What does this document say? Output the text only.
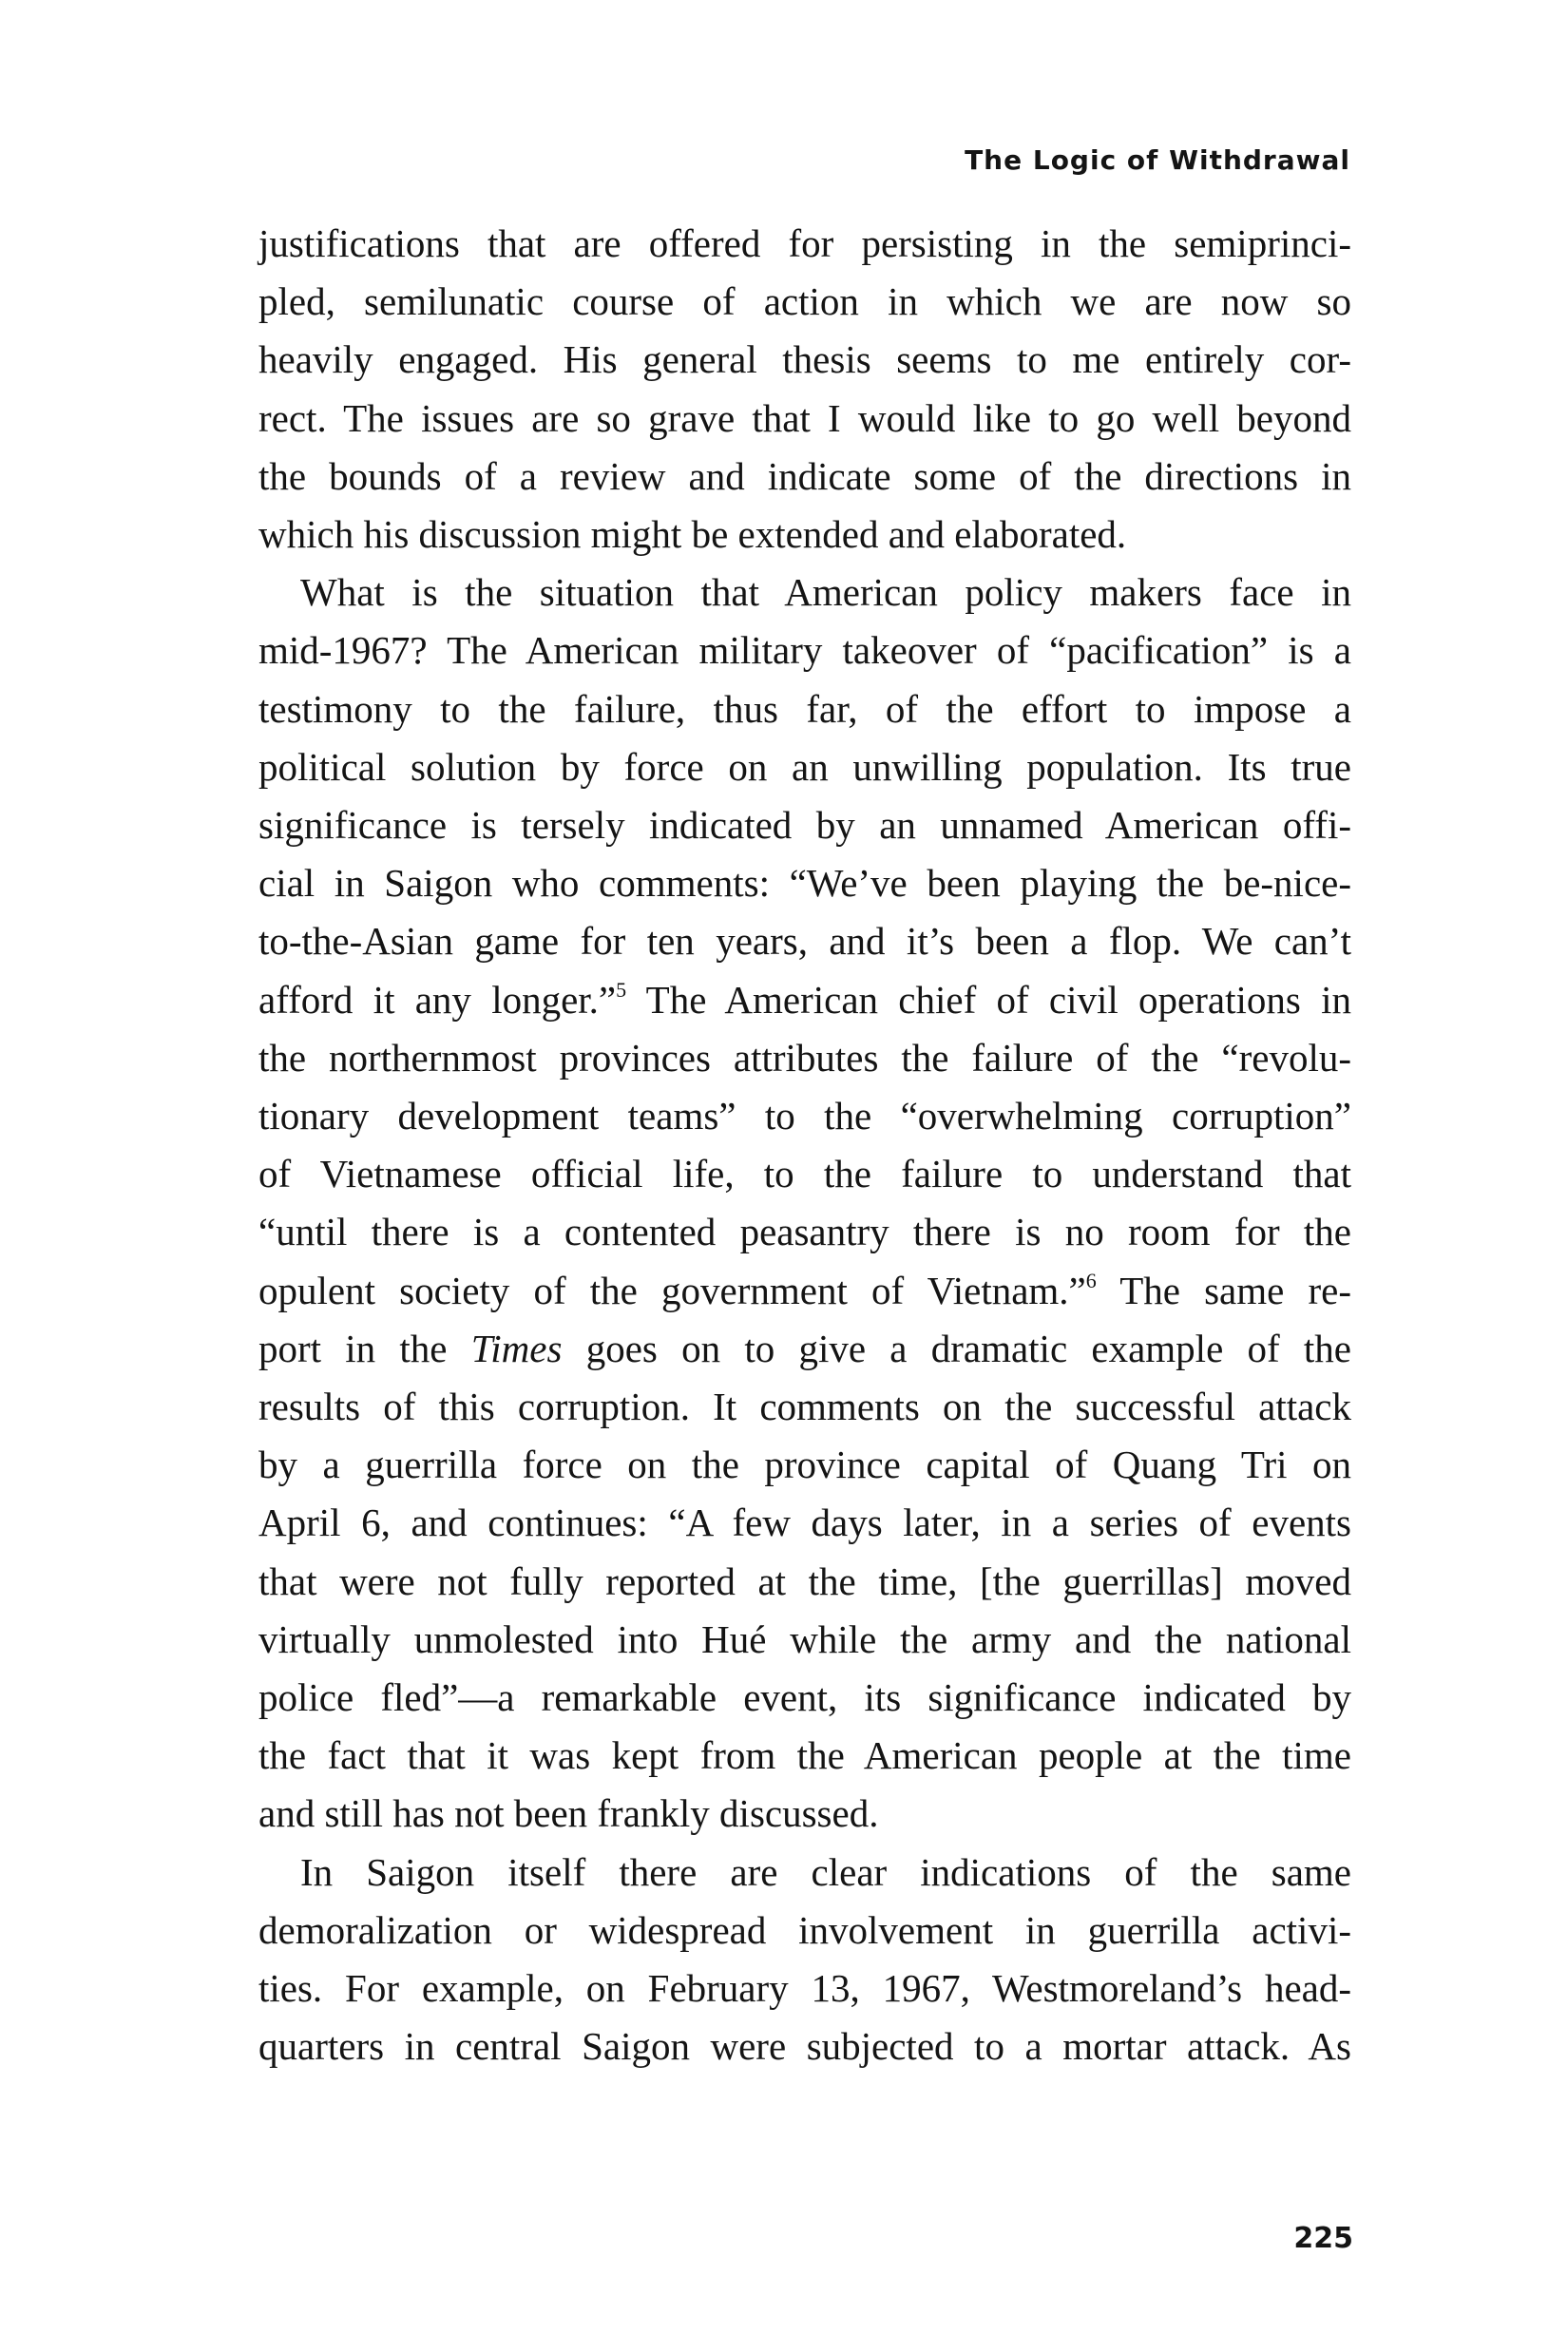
The Logic of Withdrawal
justifications that are offered for persisting in the semiprinci-
pled, semilunatic course of action in which we are now so
heavily engaged. His general thesis seems to me entirely cor-
rect. The issues are so grave that I would like to go well beyond
the bounds of a review and indicate some of the directions in
which his discussion might be extended and elaborated.
What is the situation that American policy makers face in
mid-1967? The American military takeover of “pacification” is a
testimony to the failure, thus far, of the effort to impose a
political solution by force on an unwilling population. Its true
significance is tersely indicated by an unnamed American offi-
cial in Saigon who comments: “We’ve been playing the be-nice-
to-the-Asian game for ten years, and it’s been a flop. We can’t
afford it any longer.”$^5$ The American chief of civil operations in
the northernmost provinces attributes the failure of the “revolu-
tionary development teams” to the “overwhelming corruption”
of Vietnamese official life, to the failure to understand that
“until there is a contented peasantry there is no room for the
opulent society of the government of Vietnam.”$^6$ The same re-
port in the Times goes on to give a dramatic example of the
results of this corruption. It comments on the successful attack
by a guerrilla force on the province capital of Quang Tri on
April 6, and continues: “A few days later, in a series of events
that were not fully reported at the time, [the guerrillas] moved
virtually unmolested into Hué while the army and the national
police fled”—a remarkable event, its significance indicated by
the fact that it was kept from the American people at the time
and still has not been frankly discussed.
In Saigon itself there are clear indications of the same
demoralization or widespread involvement in guerrilla activi-
ties. For example, on February 13, 1967, Westmoreland’s head-
quarters in central Saigon were subjected to a mortar attack. As
225
